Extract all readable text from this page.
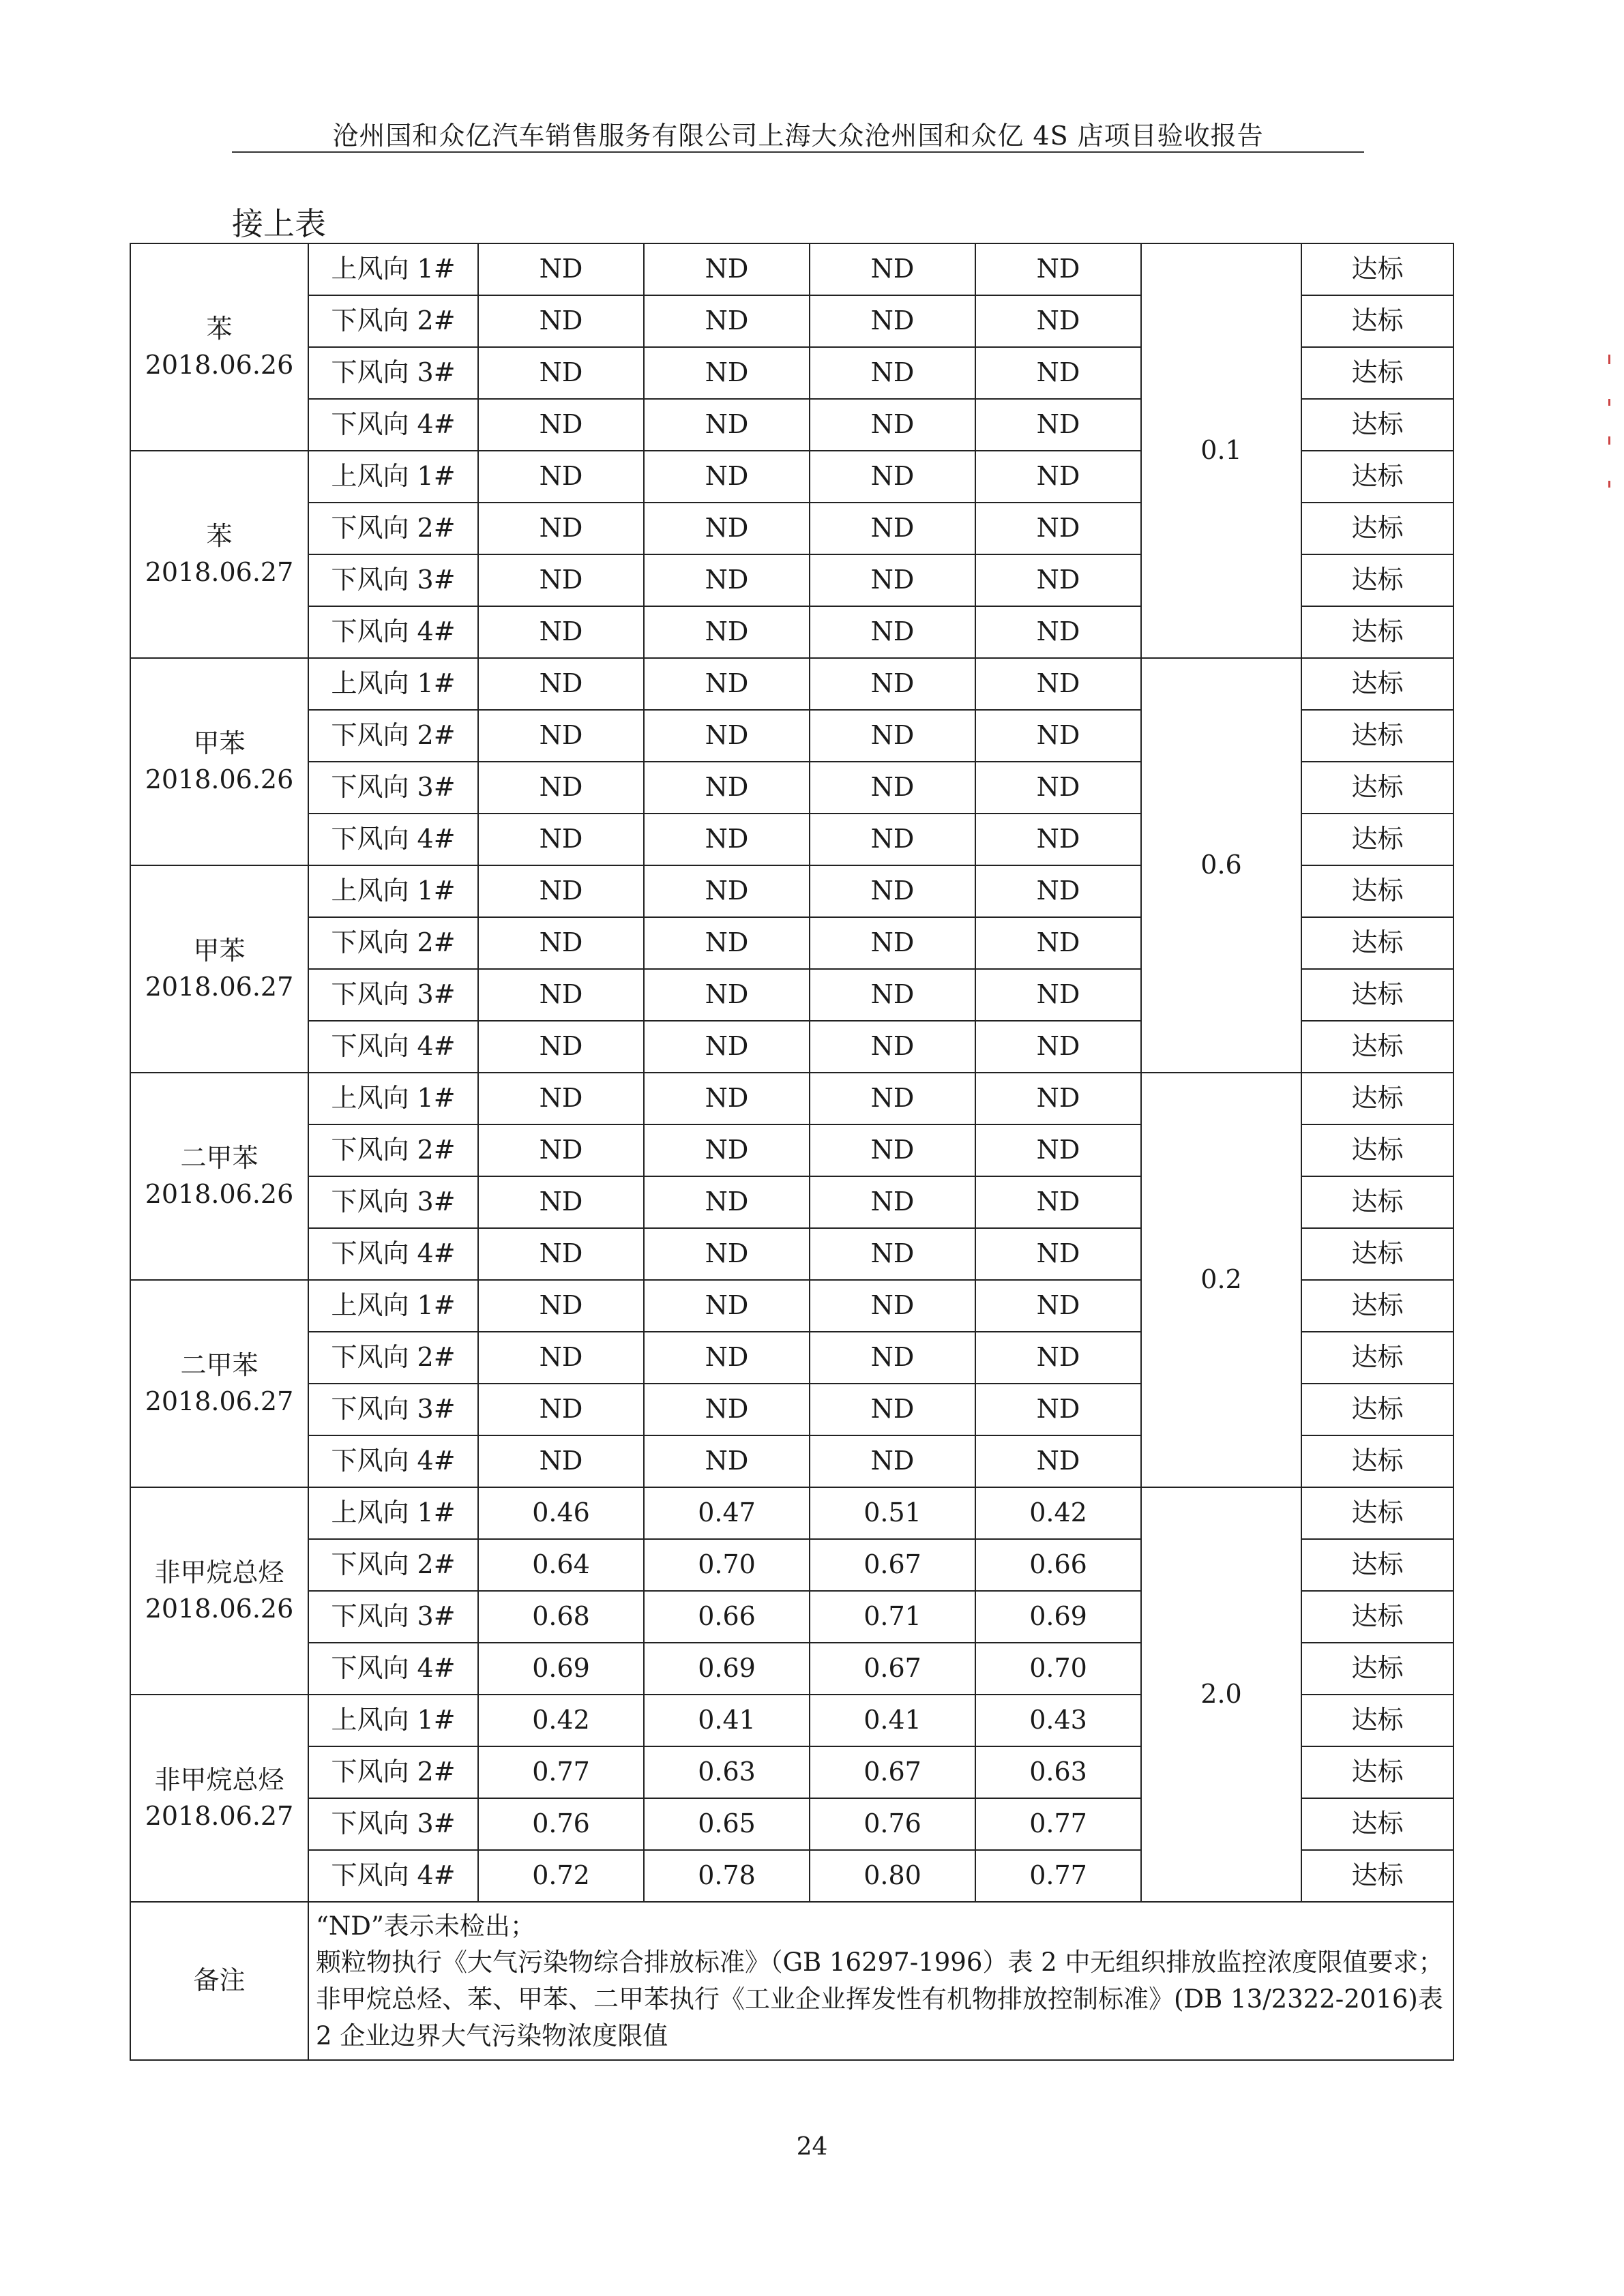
沧州国和众亿汽车销售服务有限公司上海大众沧州国和众亿 4S 店项目验收报告
接上表
苯
2018.06.26	上风向 1#	ND	ND	ND	ND	0.1	达标
	下风向 2#	ND	ND	ND	ND		达标
	下风向 3#	ND	ND	ND	ND		达标
	下风向 4#	ND	ND	ND	ND		达标

苯
2018.06.27	上风向 1#	ND	ND	ND	ND		达标
	下风向 2#	ND	ND	ND	ND		达标
	下风向 3#	ND	ND	ND	ND		达标
	下风向 4#	ND	ND	ND	ND		达标

甲苯
2018.06.26	上风向 1#	ND	ND	ND	ND	0.6	达标
	下风向 2#	ND	ND	ND	ND		达标
	下风向 3#	ND	ND	ND	ND		达标
	下风向 4#	ND	ND	ND	ND		达标

甲苯
2018.06.27	上风向 1#	ND	ND	ND	ND		达标
	下风向 2#	ND	ND	ND	ND		达标
	下风向 3#	ND	ND	ND	ND		达标
	下风向 4#	ND	ND	ND	ND		达标

二甲苯
2018.06.26	上风向 1#	ND	ND	ND	ND	0.2	达标
	下风向 2#	ND	ND	ND	ND		达标
	下风向 3#	ND	ND	ND	ND		达标
	下风向 4#	ND	ND	ND	ND		达标

二甲苯
2018.06.27	上风向 1#	ND	ND	ND	ND		达标
	下风向 2#	ND	ND	ND	ND		达标
	下风向 3#	ND	ND	ND	ND		达标
	下风向 4#	ND	ND	ND	ND		达标

非甲烷总烃
2018.06.26	上风向 1#	0.46	0.47	0.51	0.42	2.0	达标
	下风向 2#	0.64	0.70	0.67	0.66		达标
	下风向 3#	0.68	0.66	0.71	0.69		达标
	下风向 4#	0.69	0.69	0.67	0.70		达标

非甲烷总烃
2018.06.27	上风向 1#	0.42	0.41	0.41	0.43		达标
	下风向 2#	0.77	0.63	0.67	0.63		达标
	下风向 3#	0.76	0.65	0.76	0.77		达标
	下风向 4#	0.72	0.78	0.80	0.77		达标
备注	“ND”表示未检出；
颗粒物执行《大气污染物综合排放标准》（GB 16297-1996）表 2 中无组织排放监控浓度限值要求；非甲烷总烃、苯、甲苯、二甲苯执行《工业企业挥发性有机物排放控制标准》(DB 13/2322-2016)表 2 企业边界大气污染物浓度限值						
24
